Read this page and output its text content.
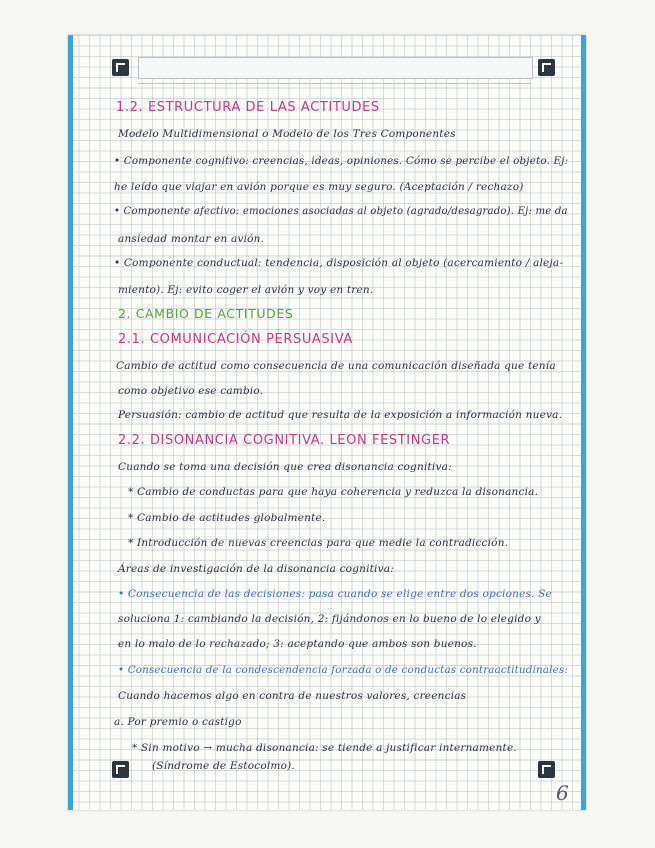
1.2. ESTRUCTURA DE LAS ACTITUDES
Modelo Multidimensional o Modelo de los Tres Componentes
• Componente cognitivo: creencias, ideas, opiniones. Cómo se percibe el objeto. Ej:
he leído que viajar en avión porque es muy seguro. (Aceptación / rechazo)
• Componente afectivo: emociones asociadas al objeto (agrado/desagrado). Ej: me da
ansiedad montar en avión.
• Componente conductual: tendencia, disposición al objeto (acercamiento / aleja-
miento). Ej: evito coger el avión y voy en tren.
2. CAMBIO DE ACTITUDES
2.1. COMUNICACIÓN PERSUASIVA
Cambio de actitud como consecuencia de una comunicación diseñada que tenía
como objetivo ese cambio.
Persuasión: cambio de actitud que resulta de la exposición a información nueva.
2.2. DISONANCIA COGNITIVA. LEON FESTINGER
Cuando se toma una decisión que crea disonancia cognitiva:
* Cambio de conductas para que haya coherencia y reduzca la disonancia.
* Cambio de actitudes globalmente.
* Introducción de nuevas creencias para que medie la contradicción.
Áreas de investigación de la disonancia cognitiva:
• Consecuencia de las decisiones: pasa cuando se elige entre dos opciones. Se
soluciona 1: cambiando la decisión, 2: fijándonos en lo bueno de lo elegido y
en lo malo de lo rechazado; 3: aceptando que ambos son buenos.
• Consecuencia de la condescendencia forzada o de conductas contraactitudinales:
Cuando hacemos algo en contra de nuestros valores, creencias
a. Por premio o castigo
* Sin motivo → mucha disonancia: se tiende a justificar internamente.
(Síndrome de Estocolmo).
6
